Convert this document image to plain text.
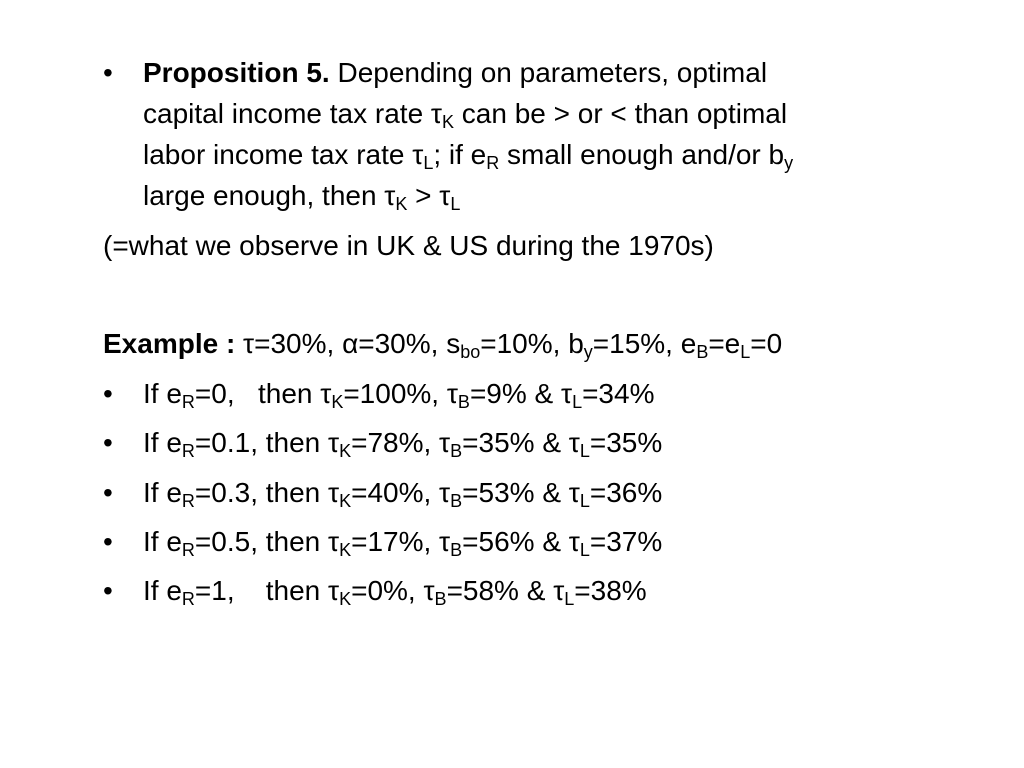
• Proposition 5. Depending on parameters, optimal
capital income tax rate $\tau_K$ can be > or < than optimal
labor income tax rate $\tau_L$; if $e_R$ small enough and/or $b_y$
large enough, then $\tau_K > \tau_L$
(=what we observe in UK & US during the 1970s)
Example : τ=30%, α=30%, $s_{bo}=10\%$, $b_y=15\%$, $e_B=e_L=0$
• If $e_R=0$,   then $\tau_K=100\%$, $\tau_B=9\%$ & $\tau_L=34\%$
• If $e_R=0.1$, then $\tau_K=78\%$, $\tau_B=35\%$ & $\tau_L=35\%$
• If $e_R=0.3$, then $\tau_K=40\%$, $\tau_B=53\%$ & $\tau_L=36\%$
• If $e_R=0.5$, then $\tau_K=17\%$, $\tau_B=56\%$ & $\tau_L=37\%$
• If $e_R=1$,    then $\tau_K=0\%$, $\tau_B=58\%$ & $\tau_L=38\%$
